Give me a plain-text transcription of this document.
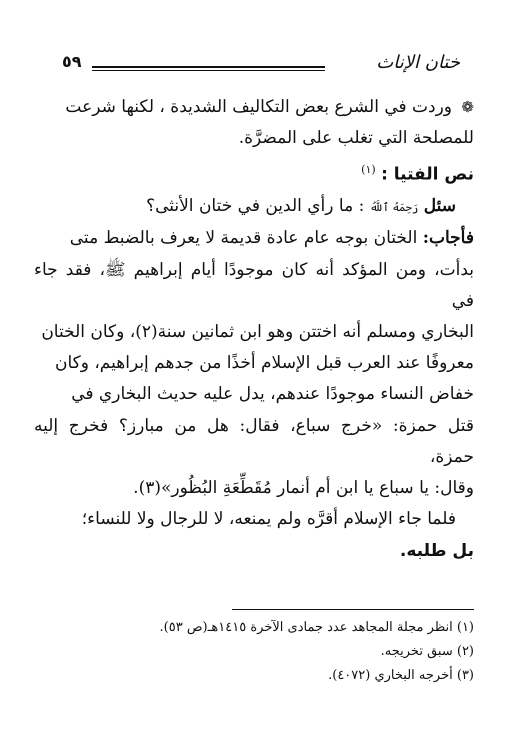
ختان الإناث
٥٩

❁ وردت في الشرع بعض التكاليف الشديدة ، لكنها شرعت
للمصلحة التي تغلب على المضرَّة.

نص الفتيا : $^{(١)}$

سئل رَحِمَهُ ٱللَّهُ : ما رأي الدين في ختان الأنثى؟

فأجاب: الختان بوجه عام عادة قديمة لا يعرف بالضبط متى
بدأت، ومن المؤكد أنه كان موجودًا أيام إبراهيم ﷺ، فقد جاء في
البخاري ومسلم أنه اختتن وهو ابن ثمانين سنة(٢)، وكان الختان
معروفًا عند العرب قبل الإسلام أخذًا من جدهم إبراهيم، وكان
خفاض النساء موجودًا عندهم، يدل عليه حديث البخاري في
قتل حمزة: «خرج سباع، فقال: هل من مبارز؟ فخرج إليه حمزة،
وقال: يا سباع يا ابن أم أنمار مُقَطِّعَةِ البُظُور»(٣).

فلما جاء الإسلام أقرَّه ولم يمنعه، لا للرجال ولا للنساء؛
بل طلبه.

(١) انظر مجلة المجاهد عدد جمادى الآخرة ١٤١٥هـ(ص ٥٣).
(٢) سبق تخريجه.
(٣) أخرجه البخاري (٤٠٧٢).
